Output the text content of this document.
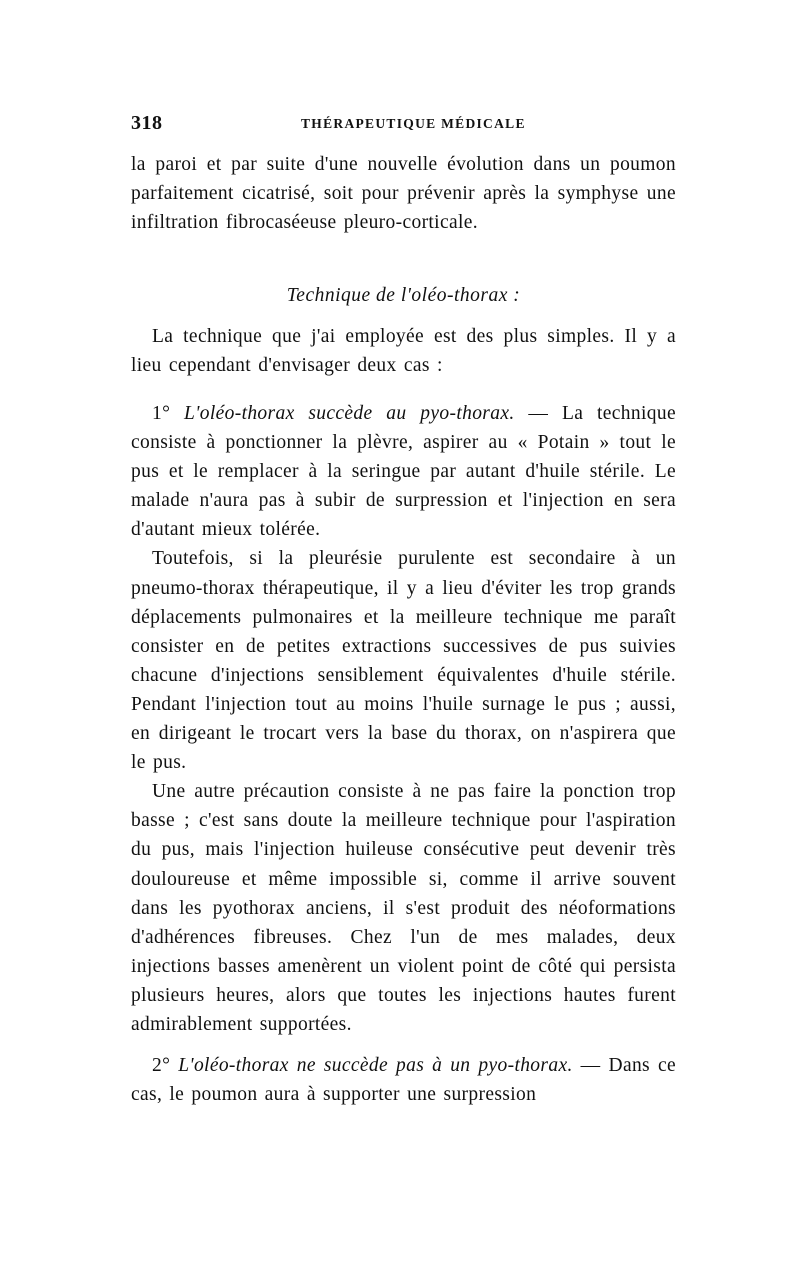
318	THÉRAPEUTIQUE MÉDICALE

la paroi et par suite d'une nouvelle évolution dans un poumon parfaitement cicatrisé, soit pour prévenir après la symphyse une infiltration fibrocaséeuse pleuro-corticale.

Technique de l'oléo-thorax :

La technique que j'ai employée est des plus simples. Il y a lieu cependant d'envisager deux cas :

1° L'oléo-thorax succède au pyo-thorax. — La technique consiste à ponctionner la plèvre, aspirer au « Potain » tout le pus et le remplacer à la seringue par autant d'huile stérile. Le malade n'aura pas à subir de surpression et l'injection en sera d'autant mieux tolérée.

Toutefois, si la pleurésie purulente est secondaire à un pneumo-thorax thérapeutique, il y a lieu d'éviter les trop grands déplacements pulmonaires et la meilleure technique me paraît consister en de petites extractions successives de pus suivies chacune d'injections sensiblement équivalentes d'huile stérile. Pendant l'injection tout au moins l'huile surnage le pus ; aussi, en dirigeant le trocart vers la base du thorax, on n'aspirera que le pus.

Une autre précaution consiste à ne pas faire la ponction trop basse ; c'est sans doute la meilleure technique pour l'aspiration du pus, mais l'injection huileuse consécutive peut devenir très douloureuse et même impossible si, comme il arrive souvent dans les pyothorax anciens, il s'est produit des néoformations d'adhérences fibreuses. Chez l'un de mes malades, deux injections basses amenèrent un violent point de côté qui persista plusieurs heures, alors que toutes les injections hautes furent admirablement supportées.

2° L'oléo-thorax ne succède pas à un pyo-thorax. — Dans ce cas, le poumon aura à supporter une surpression
